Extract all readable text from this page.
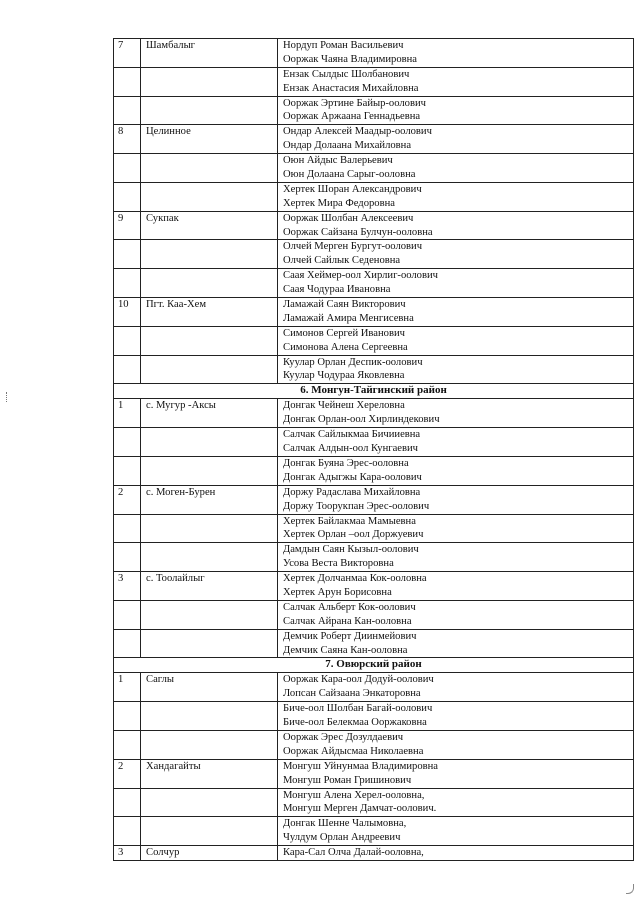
7	Шамбалыг	Нордуп Роман Васильевич
Ооржак Чаяна Владимировна

		Ензак Сылдыс Шолбанович
Ензак Анастасия Михайловна

		Ооржак Эртине Байыр-оолович
Ооржак Аржаана Геннадьевна

8	Целинное	Ондар Алексей Маадыр-оолович
Ондар Долаана Михайловна

		Оюн Айдыс Валерьевич
Оюн Долаана Сарыг-ооловна

		Хертек Шоран Александрович
Хертек Мира Федоровна

9	Сукпак	Ооржак Шолбан Алексеевич
Ооржак Сайзана Булчун-ооловна

		Олчей Мерген Бургут-оолович
Олчей Сайлык Седеновна

		Саая Хеймер-оол Хирлиг-оолович
Саая Чодураа Ивановна

10	Пгт. Каа-Хем	Ламажай Саян Викторович
Ламажай Амира Менгисевна

		Симонов Сергей Иванович
Симонова Алена Сергеевна

		Куулар Орлан Деспик-оолович
Куулар Чодураа Яковлевна

6. Монгун-Тайгинский район		
1	с. Мугур -Аксы	Донгак Чейнеш Хереловна
Донгак Орлан-оол Хирлиндекович

		Салчак Сайлыкмаа Бичииевна
Салчак Алдын-оол Кунгаевич

		Донгак Буяна Эрес-ооловна
Донгак Адыгжы Кара-оолович

2	с. Моген-Бурен	Доржу Радаслава Михайловна
Доржу Тоорукпан Эрес-оолович

		Хертек Байлакмаа Мамыевна
Хертек Орлан –оол Доржуевич

		Дамдын Саян Кызыл-оолович
Усова Веста Викторовна

3	с. Тоолайлыг	Хертек Долчанмаа Кок-ооловна
Хертек Арун Борисовна

		Салчак Альберт Кок-оолович
Салчак Айрана Кан-ооловна

		Демчик Роберт Диинмейович
Демчик Саяна Кан-ооловна

7. Овюрский район		
1	Саглы	Ооржак Кара-оол Додуй-оолович
Лопсан Сайзаана Энкаторовна

		Биче-оол Шолбан Багай-оолович
Биче-оол Белекмаа Ооржаковна

		Ооржак Эрес Дозулдаевич
Ооржак Айдысмаа Николаевна

2	Хандагайты	Монгуш Уйнунмаа Владимировна
Монгуш Роман Гришинович

		Монгуш Алена Херел-ооловна,
Монгуш Мерген Дамчат-оолович.

		Донгак Шенне Чалымовна,
Чулдум Орлан Андреевич

3	Солчур	Кара-Сал Олча Далай-ооловна,
